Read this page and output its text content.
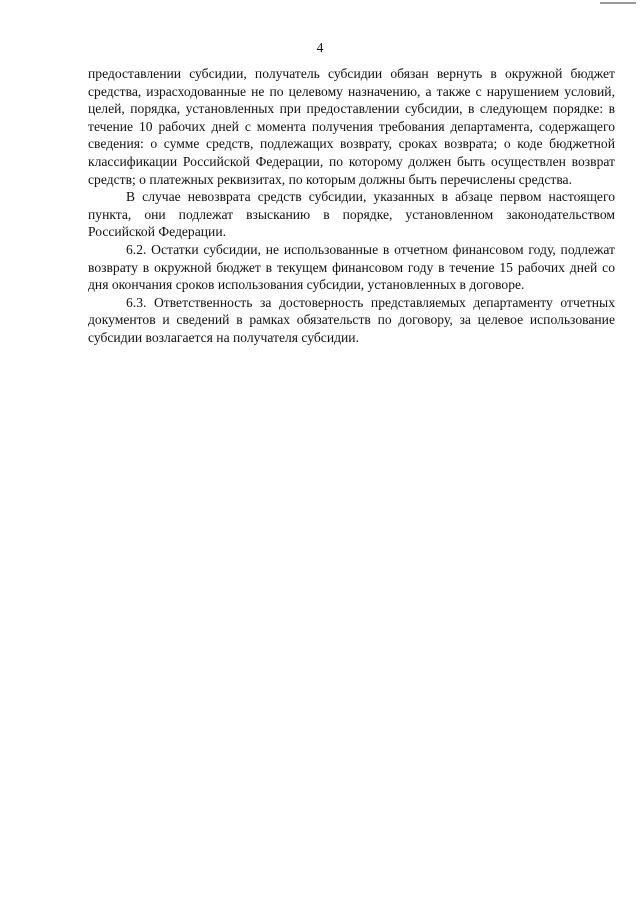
4

предоставлении субсидии, получатель субсидии обязан вернуть в окружной бюджет средства, израсходованные не по целевому назначению, а также с нарушением условий, целей, порядка, установленных при предоставлении субсидии, в следующем порядке: в течение 10 рабочих дней с момента получения требования департамента, содержащего сведения: о сумме средств, подлежащих возврату, сроках возврата; о коде бюджетной классификации Российской Федерации, по которому должен быть осуществлен возврат средств; о платежных реквизитах, по которым должны быть перечислены средства.

В случае невозврата средств субсидии, указанных в абзаце первом настоящего пункта, они подлежат взысканию в порядке, установленном законодательством Российской Федерации.

6.2. Остатки субсидии, не использованные в отчетном финансовом году, подлежат возврату в окружной бюджет в текущем финансовом году в течение 15 рабочих дней со дня окончания сроков использования субсидии, установленных в договоре.

6.3. Ответственность за достоверность представляемых департаменту отчетных документов и сведений в рамках обязательств по договору, за целевое использование субсидии возлагается на получателя субсидии.
